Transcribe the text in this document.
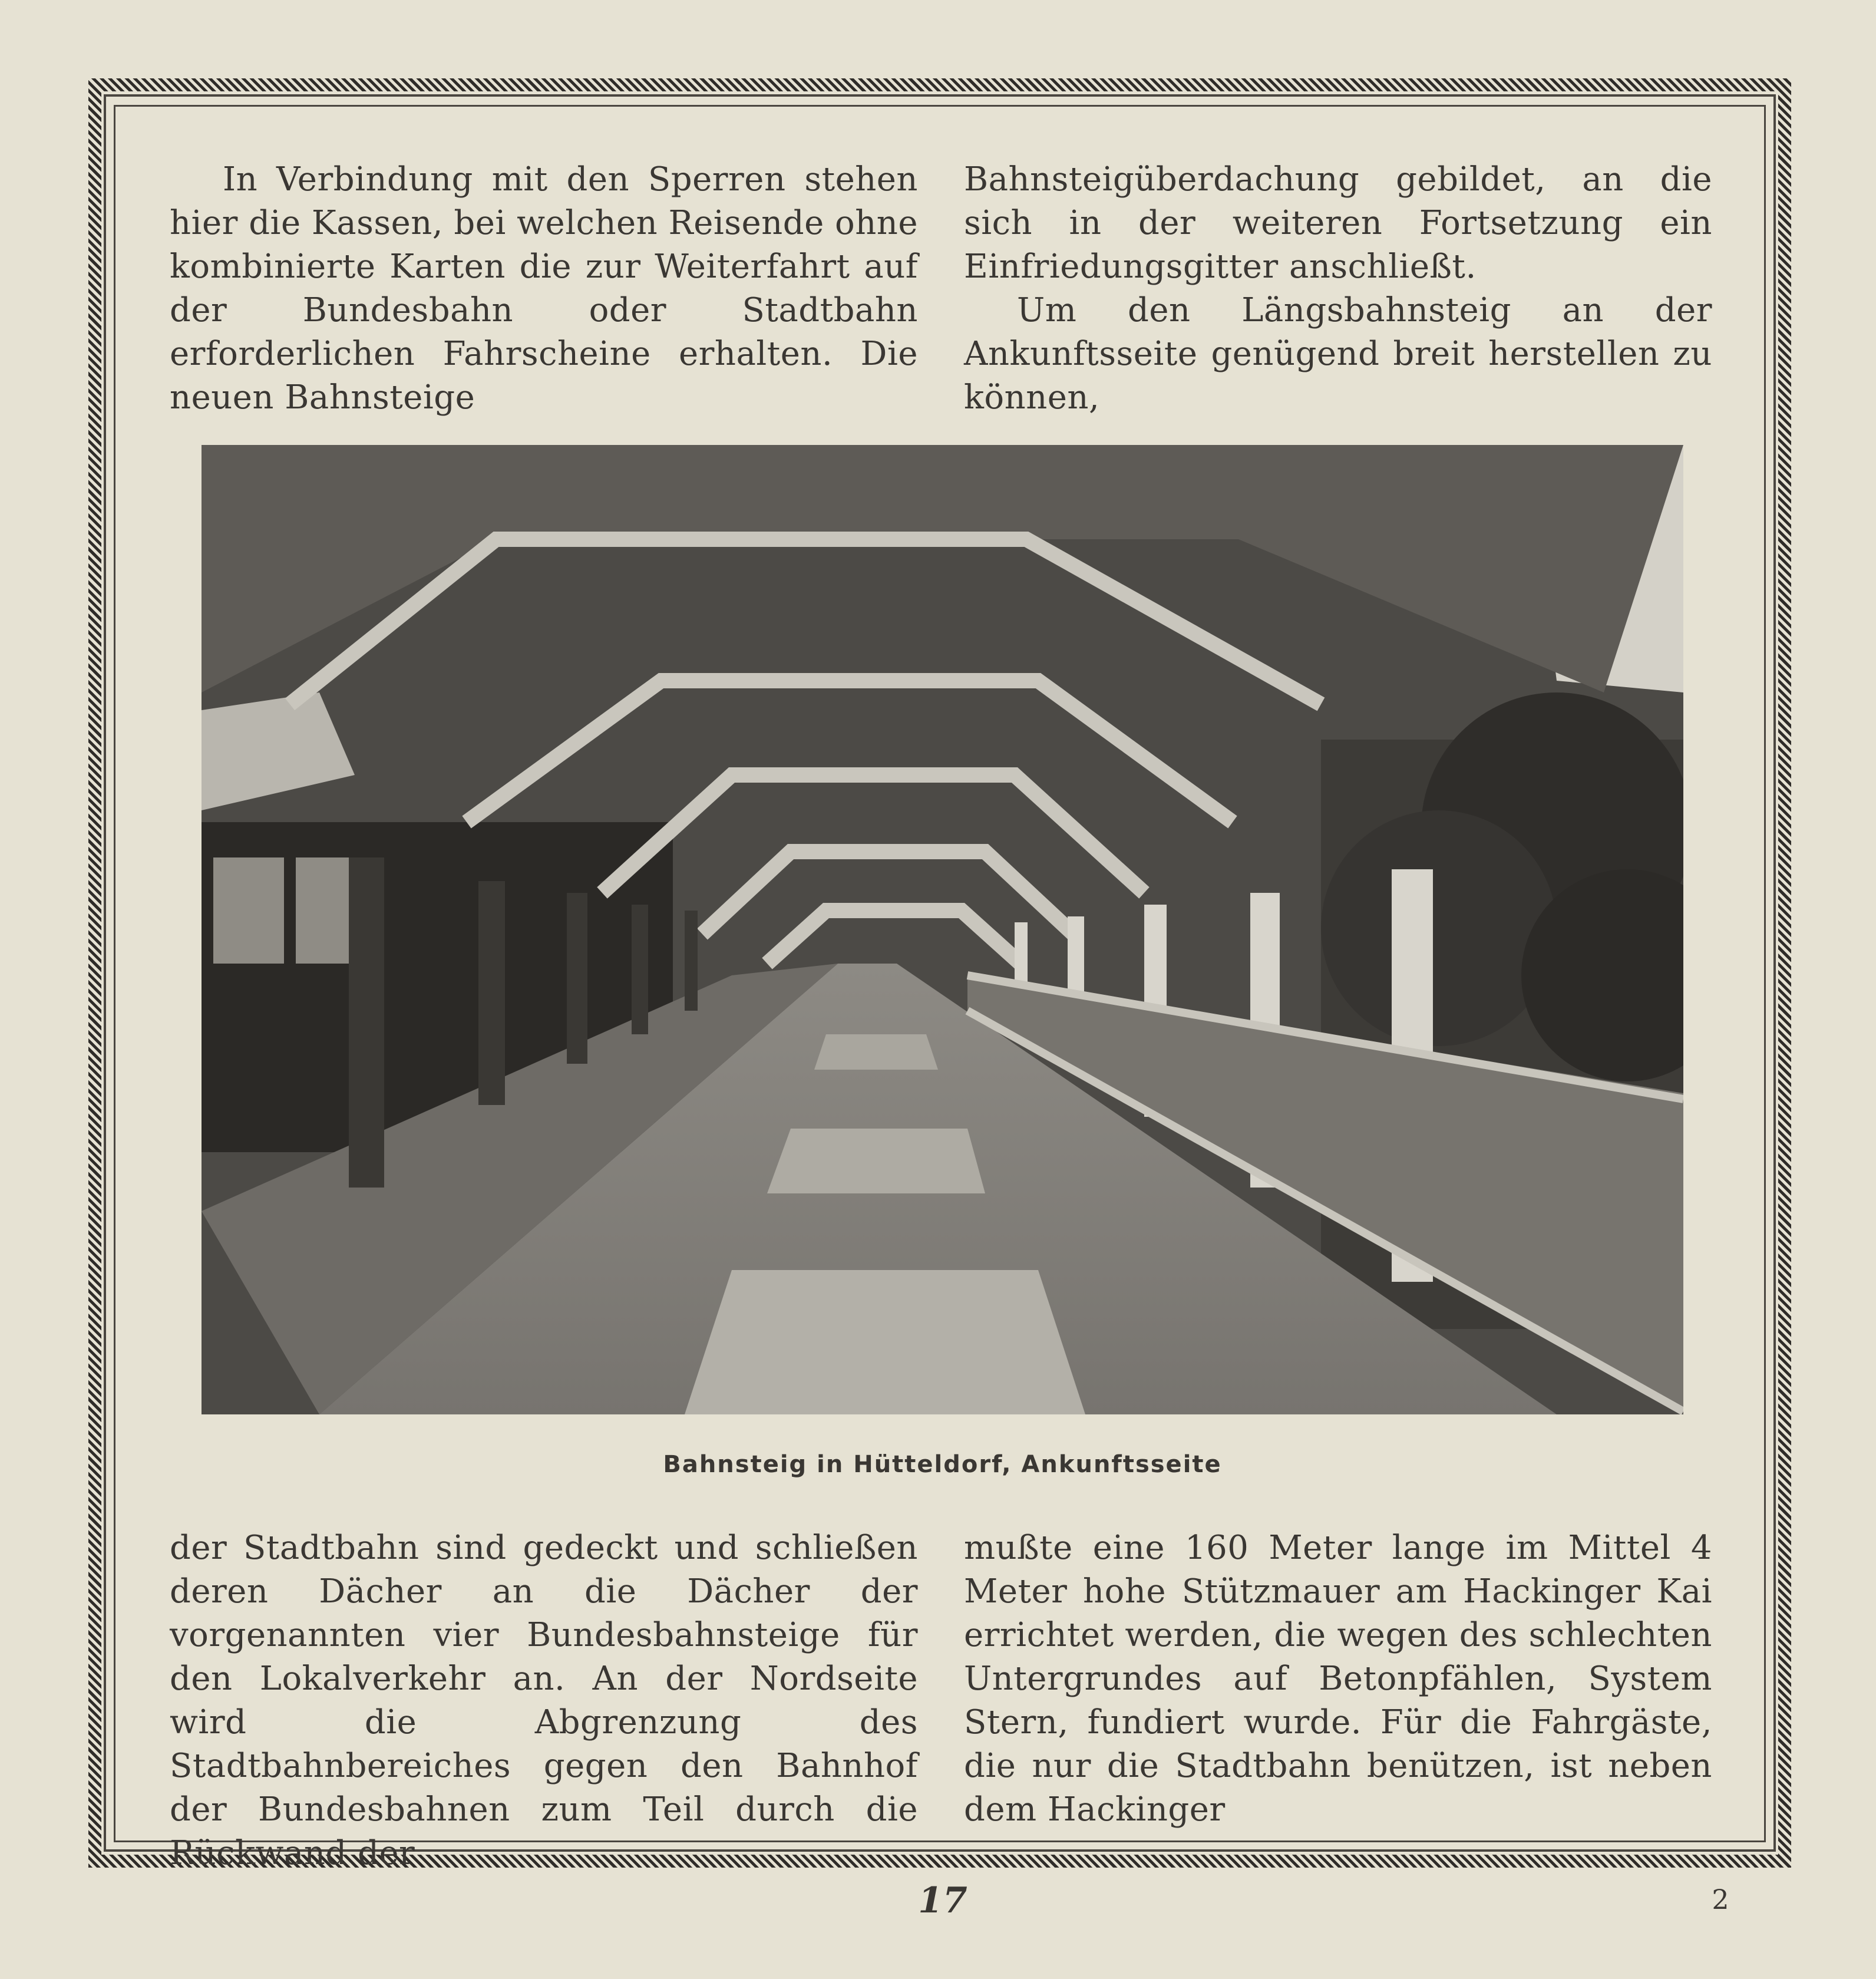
In Verbindung mit den Sperren stehen hier die Kassen, bei welchen Reisende ohne kombinierte Karten die zur Weiterfahrt auf der Bundesbahn oder Stadtbahn erforderlichen Fahrscheine erhalten. Die neuen Bahnsteige

Bahnsteigüberdachung gebildet, an die sich in der weiteren Fortsetzung ein Einfriedungsgitter anschließt.

Um den Längsbahnsteig an der Ankunftsseite genügend breit herstellen zu können,

Bahnsteig in Hütteldorf, Ankunftsseite

der Stadtbahn sind gedeckt und schließen deren Dächer an die Dächer der vorgenannten vier Bundesbahnsteige für den Lokalverkehr an. An der Nordseite wird die Abgrenzung des Stadtbahnbereiches gegen den Bahnhof der Bundesbahnen zum Teil durch die Rückwand der

mußte eine 160 Meter lange im Mittel 4 Meter hohe Stützmauer am Hackinger Kai errichtet werden, die wegen des schlechten Untergrundes auf Betonpfählen, System Stern, fundiert wurde. Für die Fahrgäste, die nur die Stadtbahn benützen, ist neben dem Hackinger

17	2
